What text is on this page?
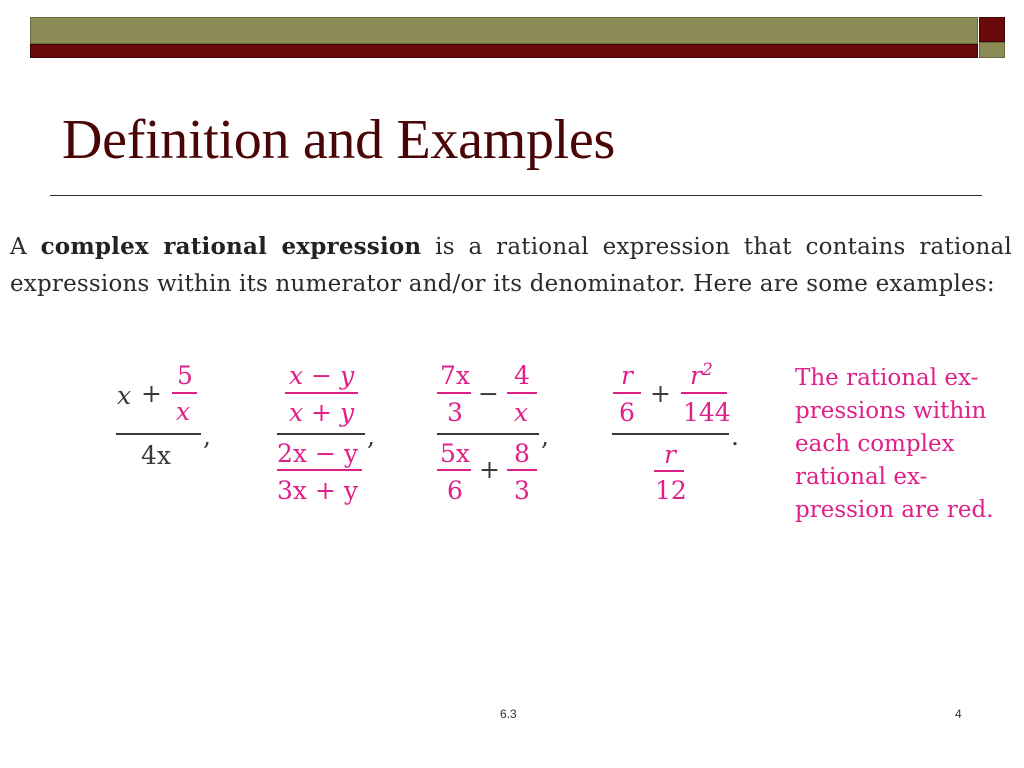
Definition and Examples

A complex rational expression is a rational expression that contains rational expressions within its numerator and/or its denominator. Here are some examples:

x +
5
x
4x
,
x − y
x + y
2x − y
3x + y
,
7x
3
−
4
x
5x
6
+
8
3
,
r
6
+
$r^2$
144
r
12
.

The rational ex-
pressions within
each complex
rational ex-
pression are red.

6.3	4
